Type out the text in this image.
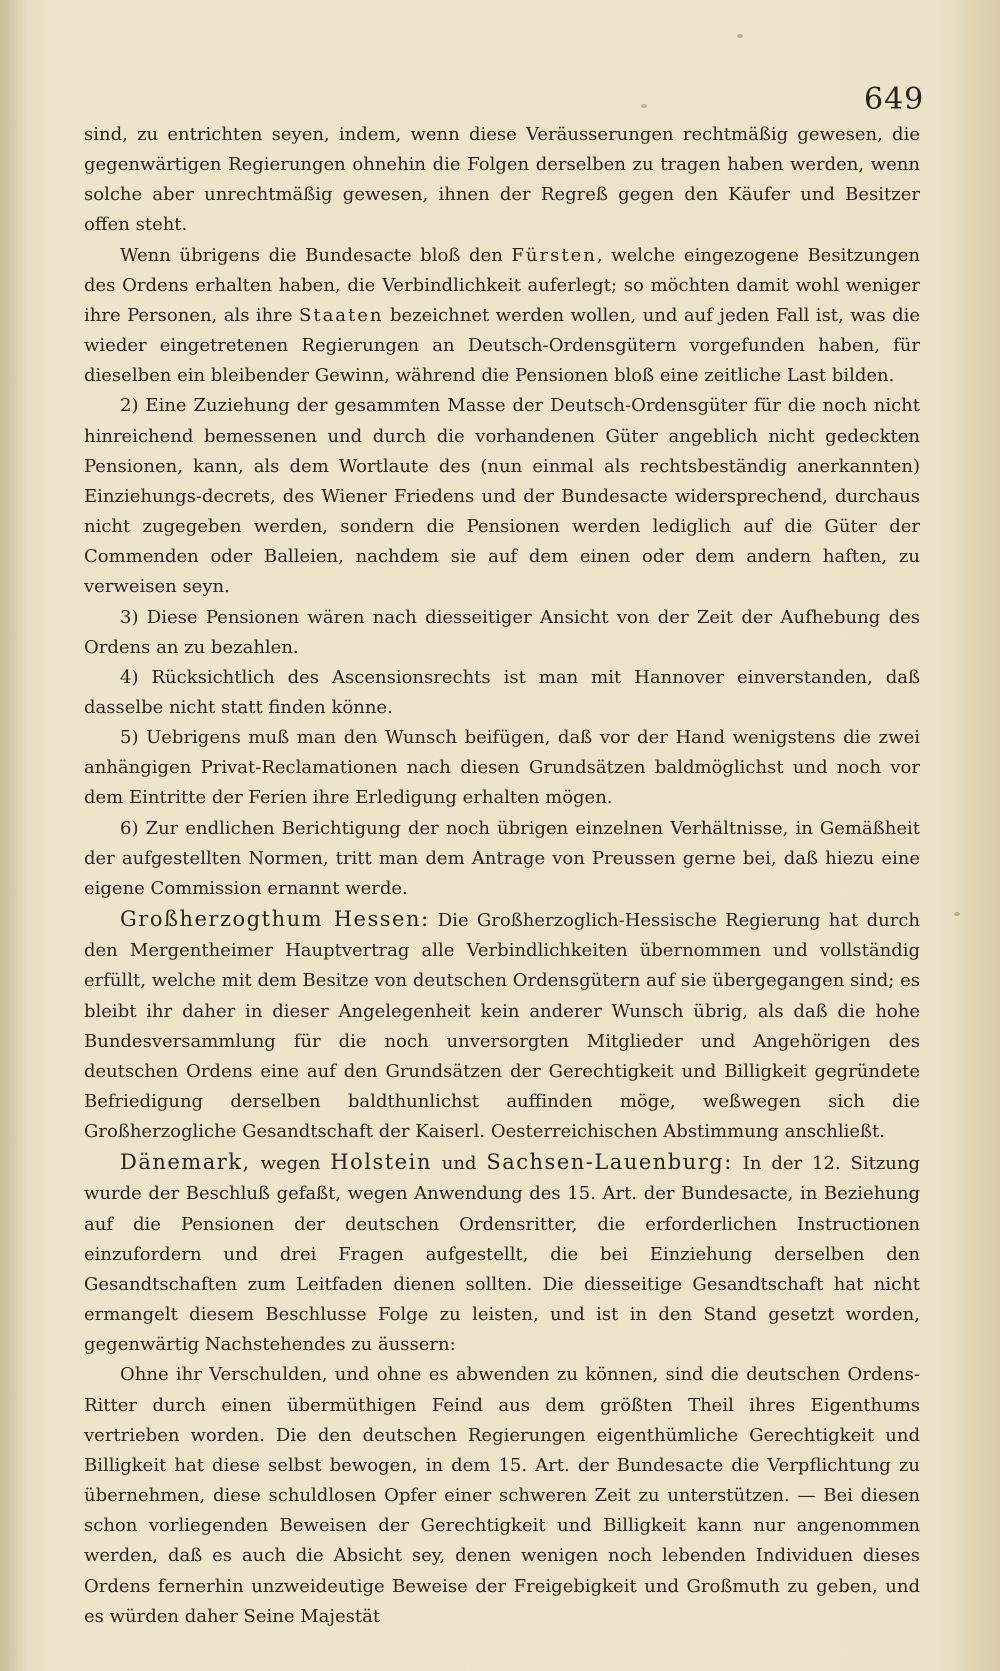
649

sind, zu entrichten seyen, indem, wenn diese Veräusserungen rechtmäßig gewesen, die gegenwärtigen Regierungen ohnehin die Folgen derselben zu tragen haben werden, wenn solche aber unrechtmäßig gewesen, ihnen der Regreß gegen den Käufer und Besitzer offen steht.

Wenn übrigens die Bundesacte bloß den Fürsten, welche eingezogene Besitzungen des Ordens erhalten haben, die Verbindlichkeit auferlegt; so möchten damit wohl weniger ihre Personen, als ihre Staaten bezeichnet werden wollen, und auf jeden Fall ist, was die wieder eingetretenen Regierungen an Deutsch-Ordensgütern vorgefunden haben, für dieselben ein bleibender Gewinn, während die Pensionen bloß eine zeitliche Last bilden.

2) Eine Zuziehung der gesammten Masse der Deutsch-Ordensgüter für die noch nicht hinreichend bemessenen und durch die vorhandenen Güter angeblich nicht gedeckten Pensionen, kann, als dem Wortlaute des (nun einmal als rechtsbeständig anerkannten) Einziehungs-decrets, des Wiener Friedens und der Bundesacte widersprechend, durchaus nicht zugegeben werden, sondern die Pensionen werden lediglich auf die Güter der Commenden oder Balleien, nachdem sie auf dem einen oder dem andern haften, zu verweisen seyn.

3) Diese Pensionen wären nach diesseitiger Ansicht von der Zeit der Aufhebung des Ordens an zu bezahlen.

4) Rücksichtlich des Ascensionsrechts ist man mit Hannover einverstanden, daß dasselbe nicht statt finden könne.

5) Uebrigens muß man den Wunsch beifügen, daß vor der Hand wenigstens die zwei anhängigen Privat-Reclamationen nach diesen Grundsätzen baldmöglichst und noch vor dem Eintritte der Ferien ihre Erledigung erhalten mögen.

6) Zur endlichen Berichtigung der noch übrigen einzelnen Verhältnisse, in Gemäßheit der aufgestellten Normen, tritt man dem Antrage von Preussen gerne bei, daß hiezu eine eigene Commission ernannt werde.

Großherzogthum Hessen: Die Großherzoglich-Hessische Regierung hat durch den Mergentheimer Hauptvertrag alle Verbindlichkeiten übernommen und vollständig erfüllt, welche mit dem Besitze von deutschen Ordensgütern auf sie übergegangen sind; es bleibt ihr daher in dieser Angelegenheit kein anderer Wunsch übrig, als daß die hohe Bundesversammlung für die noch unversorgten Mitglieder und Angehörigen des deutschen Ordens eine auf den Grundsätzen der Gerechtigkeit und Billigkeit gegründete Befriedigung derselben baldthunlichst auffinden möge, weßwegen sich die Großherzogliche Gesandtschaft der Kaiserl. Oesterreichischen Abstimmung anschließt.

Dänemark, wegen Holstein und Sachsen-Lauenburg: In der 12. Sitzung wurde der Beschluß gefaßt, wegen Anwendung des 15. Art. der Bundesacte, in Beziehung auf die Pensionen der deutschen Ordensritter, die erforderlichen Instructionen einzufordern und drei Fragen aufgestellt, die bei Einziehung derselben den Gesandtschaften zum Leitfaden dienen sollten. Die diesseitige Gesandtschaft hat nicht ermangelt diesem Beschlusse Folge zu leisten, und ist in den Stand gesetzt worden, gegenwärtig Nachstehendes zu äussern:

Ohne ihr Verschulden, und ohne es abwenden zu können, sind die deutschen Ordens-Ritter durch einen übermüthigen Feind aus dem größten Theil ihres Eigenthums vertrieben worden. Die den deutschen Regierungen eigenthümliche Gerechtigkeit und Billigkeit hat diese selbst bewogen, in dem 15. Art. der Bundesacte die Verpflichtung zu übernehmen, diese schuldlosen Opfer einer schweren Zeit zu unterstützen. — Bei diesen schon vorliegenden Beweisen der Gerechtigkeit und Billigkeit kann nur angenommen werden, daß es auch die Absicht sey, denen wenigen noch lebenden Individuen dieses Ordens fernerhin unzweideutige Beweise der Freigebigkeit und Großmuth zu geben, und es würden daher Seine Majestät
